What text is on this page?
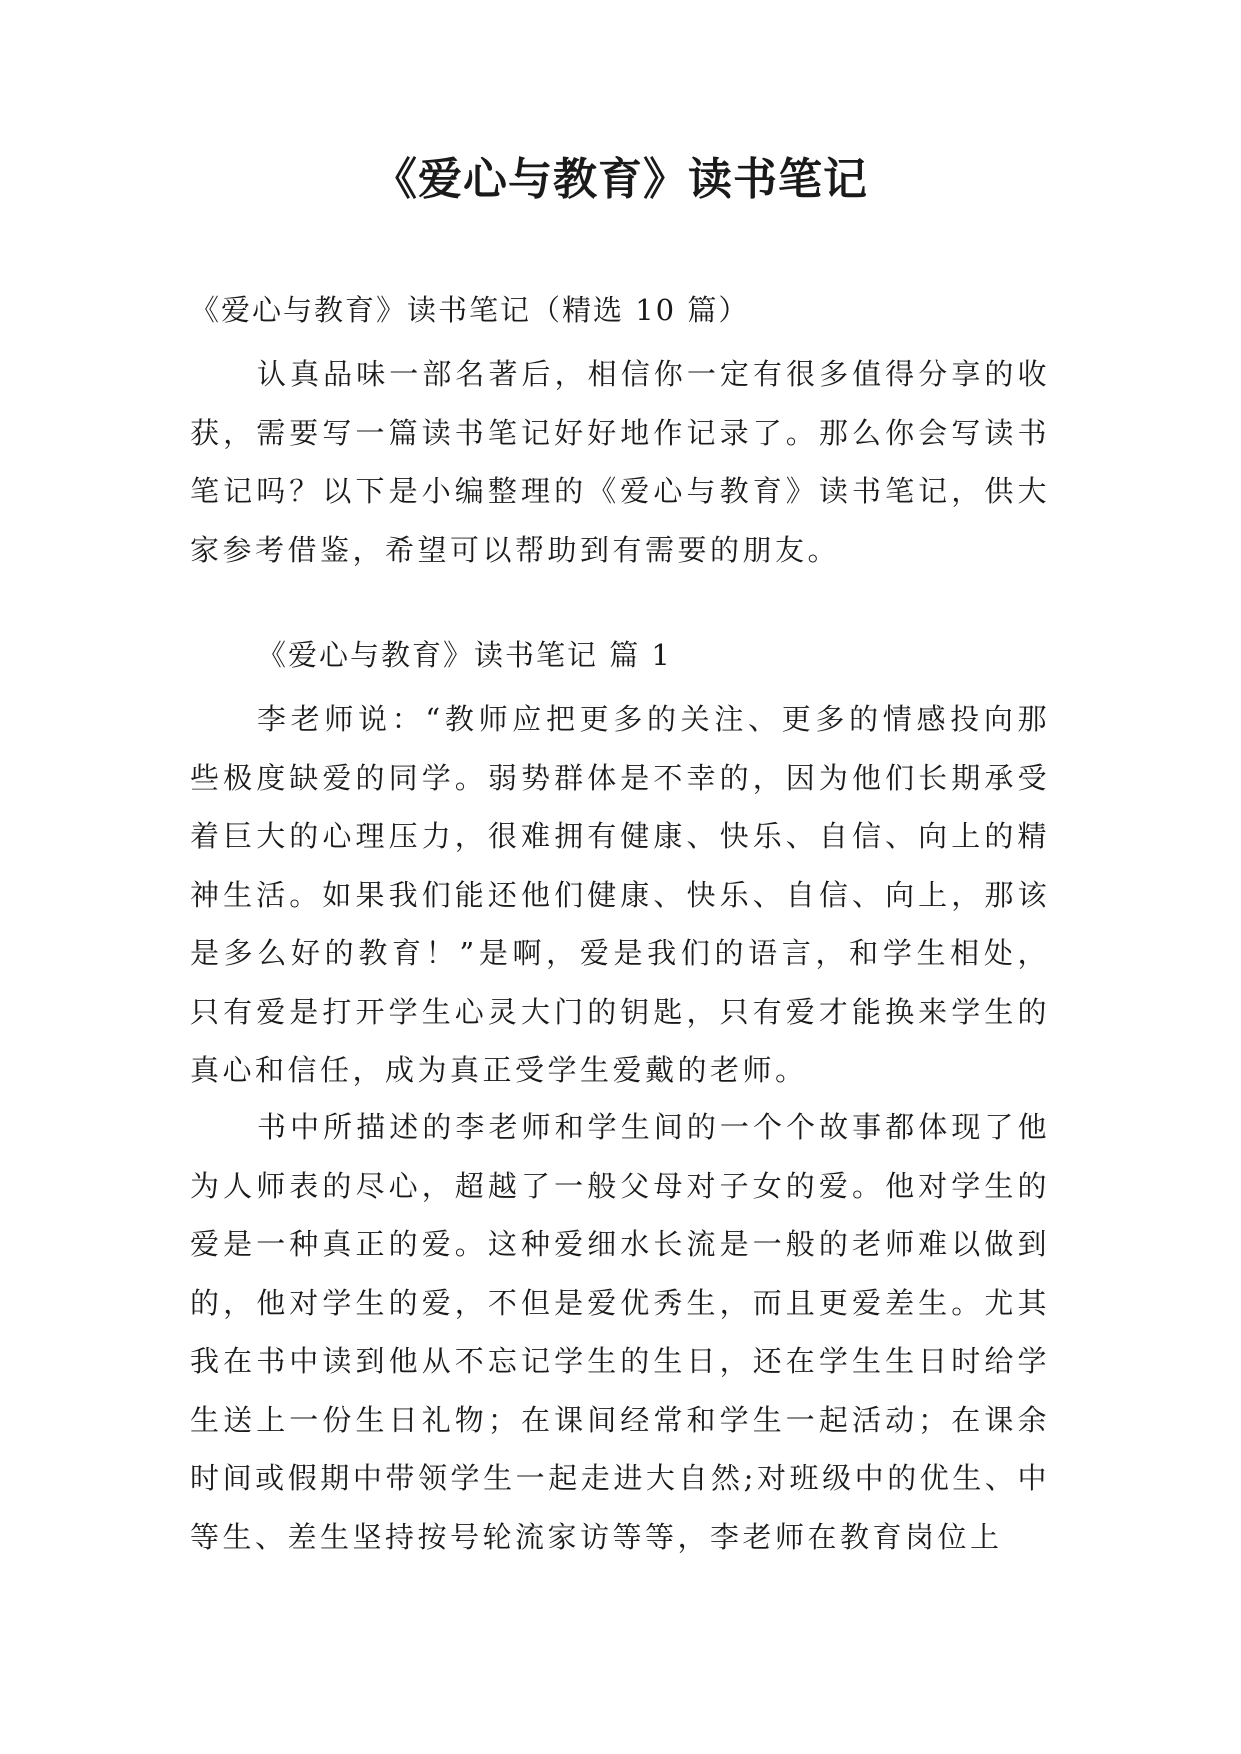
《爱心与教育》读书笔记

《爱心与教育》读书笔记（精选 10 篇）

认真品味一部名著后，相信你一定有很多值得分享的收获，需要写一篇读书笔记好好地作记录了。那么你会写读书笔记吗？以下是小编整理的《爱心与教育》读书笔记，供大家参考借鉴，希望可以帮助到有需要的朋友。

《爱心与教育》读书笔记 篇 1

李老师说：“教师应把更多的关注、更多的情感投向那些极度缺爱的同学。弱势群体是不幸的，因为他们长期承受着巨大的心理压力，很难拥有健康、快乐、自信、向上的精神生活。如果我们能还他们健康、快乐、自信、向上，那该是多么好的教育！”是啊，爱是我们的语言，和学生相处，只有爱是打开学生心灵大门的钥匙，只有爱才能换来学生的真心和信任，成为真正受学生爱戴的老师。

书中所描述的李老师和学生间的一个个故事都体现了他为人师表的尽心，超越了一般父母对子女的爱。他对学生的爱是一种真正的爱。这种爱细水长流是一般的老师难以做到的，他对学生的爱，不但是爱优秀生，而且更爱差生。尤其我在书中读到他从不忘记学生的生日，还在学生生日时给学生送上一份生日礼物；在课间经常和学生一起活动；在课余时间或假期中带领学生一起走进大自然;对班级中的优生、中等生、差生坚持按号轮流家访等等，李老师在教育岗位上
